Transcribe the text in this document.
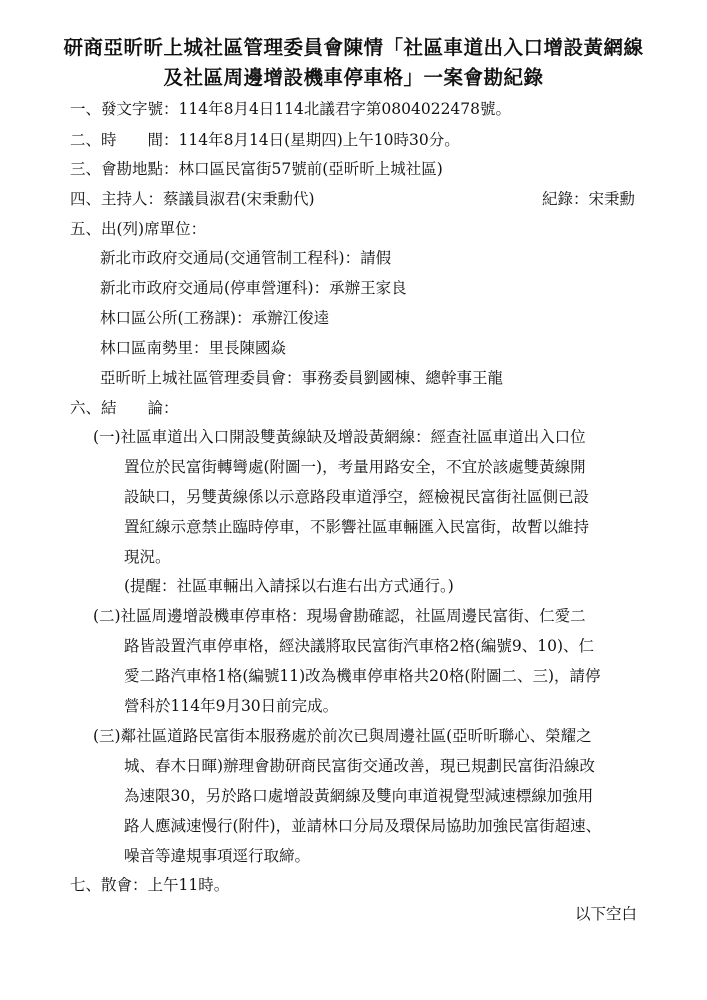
研商亞昕昕上城社區管理委員會陳情「社區車道出入口增設黃網線
及社區周邊增設機車停車格」一案會勘紀錄
一、發文字號：114年8月4日114北議君字第0804022478號。
二、時　　間：114年8月14日(星期四)上午10時30分。
三、會勘地點：林口區民富街57號前(亞昕昕上城社區)
四、主持人：蔡議員淑君(宋秉勳代)	紀錄：宋秉勳
五、出(列)席單位：
新北市政府交通局(交通管制工程科)：請假
新北市政府交通局(停車營運科)：承辦王家良
林口區公所(工務課)：承辦江俊逵
林口區南勢里：里長陳國焱
亞昕昕上城社區管理委員會：事務委員劉國棟、總幹事王龍
六、結　　論：
(一)社區車道出入口開設雙黃線缺及增設黃網線：經查社區車道出入口位
置位於民富街轉彎處(附圖一)，考量用路安全，不宜於該處雙黃線開
設缺口，另雙黃線係以示意路段車道淨空，經檢視民富街社區側已設
置紅線示意禁止臨時停車，不影響社區車輛匯入民富街，故暫以維持
現況。
(提醒：社區車輛出入請採以右進右出方式通行。)
(二)社區周邊增設機車停車格：現場會勘確認，社區周邊民富街、仁愛二
路皆設置汽車停車格，經決議將取民富街汽車格2格(編號9、10)、仁
愛二路汽車格1格(編號11)改為機車停車格共20格(附圖二、三)，請停
營科於114年9月30日前完成。
(三)鄰社區道路民富街本服務處於前次已與周邊社區(亞昕昕聯心、榮耀之
城、春木日暉)辦理會勘研商民富街交通改善，現已規劃民富街沿線改
為速限30，另於路口處增設黃網線及雙向車道視覺型減速標線加強用
路人應減速慢行(附件)，並請林口分局及環保局協助加強民富街超速、
噪音等違規事項逕行取締。
七、散會：上午11時。
以下空白
